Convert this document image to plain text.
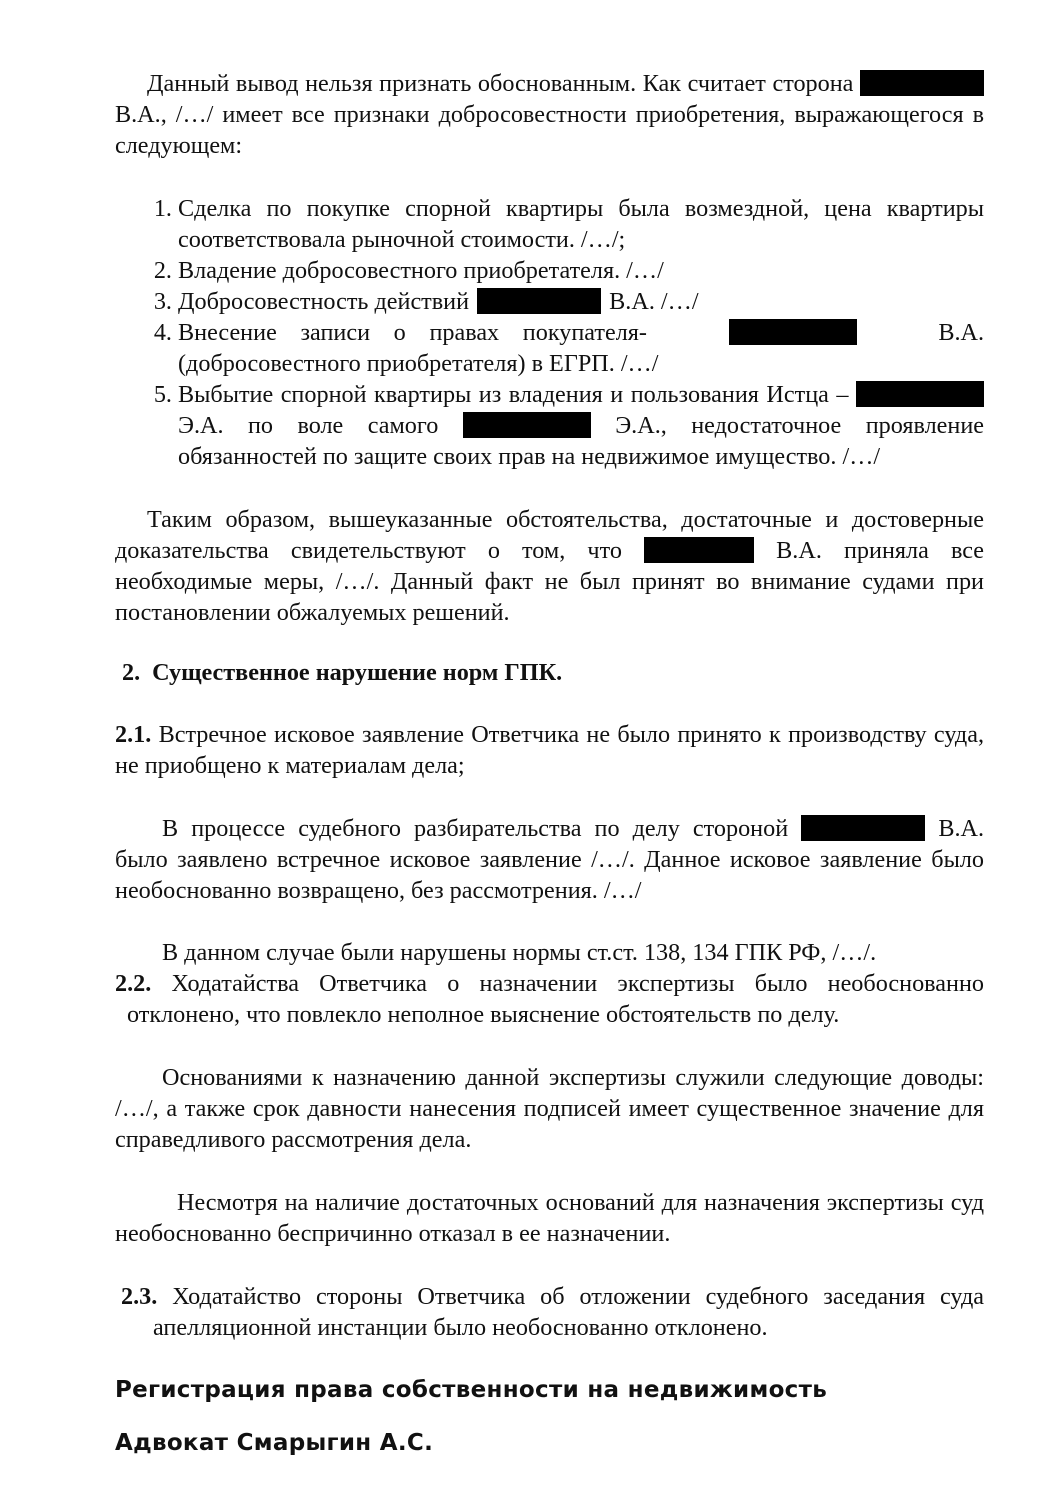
Данный вывод нельзя признать обоснованным. Как считает сторона  В.А., /…/ имеет все признаки добросовестности приобретения, выражающегося в следующем:

1. Сделка по покупке спорной квартиры была возмездной, цена квартиры соответствовала рыночной стоимости. /…/;
2. Владение добросовестного приобретателя. /…/
3. Добросовестность действий	В.А. /…/
4. Внесение записи о правах покупателя-	В.А. (добросовестного приобретателя) в ЕГРП. /…/
5. Выбытие спорной квартиры из владения и пользования Истца –  Э.А. по воле самого	Э.А., недостаточное проявление обязанностей по защите своих прав на недвижимое имущество. /…/

Таким образом, вышеуказанные обстоятельства, достаточные и достоверные доказательства свидетельствуют о том, что	В.А. приняла все необходимые меры, /…/. Данный факт не был принят во внимание судами при постановлении обжалуемых решений.

2. Существенное нарушение норм ГПК.

2.1. Встречное исковое заявление Ответчика не было принято к производству суда, не приобщено к материалам дела;

В процессе судебного разбирательства по делу стороной	В.А. было заявлено встречное исковое заявление /…/. Данное исковое заявление было необоснованно возвращено, без рассмотрения. /…/

В данном случае были нарушены нормы ст.ст. 138, 134 ГПК РФ, /…/.

2.2. Ходатайства Ответчика о назначении экспертизы было необоснованно отклонено, что повлекло неполное выяснение обстоятельств по делу.

Основаниями к назначению данной экспертизы служили следующие доводы: /…/, а также срок давности нанесения подписей имеет существенное значение для справедливого рассмотрения дела.

Несмотря на наличие достаточных оснований для назначения экспертизы суд необоснованно беспричинно отказал в ее назначении.

2.3. Ходатайство стороны Ответчика об отложении судебного заседания суда апелляционной инстанции было необоснованно отклонено.

Регистрация права собственности на недвижимость

Адвокат Смарыгин А.С.
